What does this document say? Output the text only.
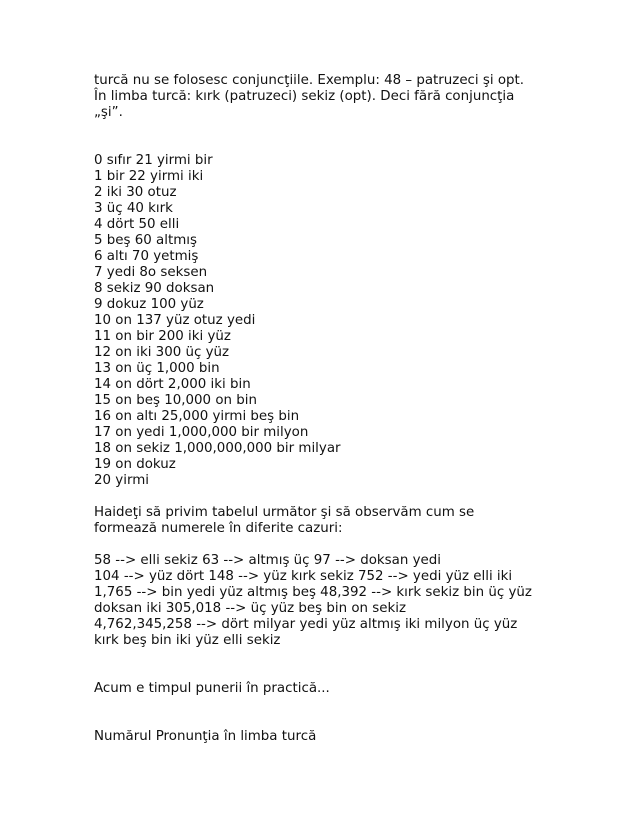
turcă nu se folosesc conjuncţiile. Exemplu: 48 – patruzeci şi opt.
În limba turcă: kırk (patruzeci) sekiz (opt). Deci fără conjuncţia
„şi”.
0 sıfır 21 yirmi bir
1 bir 22 yirmi iki
2 iki 30 otuz
3 üç 40 kırk
4 dört 50 elli
5 beş 60 altmış
6 altı 70 yetmiş
7 yedi 8o seksen
8 sekiz 90 doksan
9 dokuz 100 yüz
10 on 137 yüz otuz yedi
11 on bir 200 iki yüz
12 on iki 300 üç yüz
13 on üç 1,000 bin
14 on dört 2,000 iki bin
15 on beş 10,000 on bin
16 on altı 25,000 yirmi beş bin
17 on yedi 1,000,000 bir milyon
18 on sekiz 1,000,000,000 bir milyar
19 on dokuz
20 yirmi
Haideţi să privim tabelul următor şi să observăm cum se
formează numerele în diferite cazuri:
58 --> elli sekiz 63 --> altmış üç 97 --> doksan yedi
104 --> yüz dört 148 --> yüz kırk sekiz 752 --> yedi yüz elli iki
1,765 --> bin yedi yüz altmış beş 48,392 --> kırk sekiz bin üç yüz
doksan iki 305,018 --> üç yüz beş bin on sekiz
4,762,345,258 --> dört milyar yedi yüz altmış iki milyon üç yüz
kırk beş bin iki yüz elli sekiz
Acum e timpul punerii în practică...
Numărul Pronunţia în limba turcă
